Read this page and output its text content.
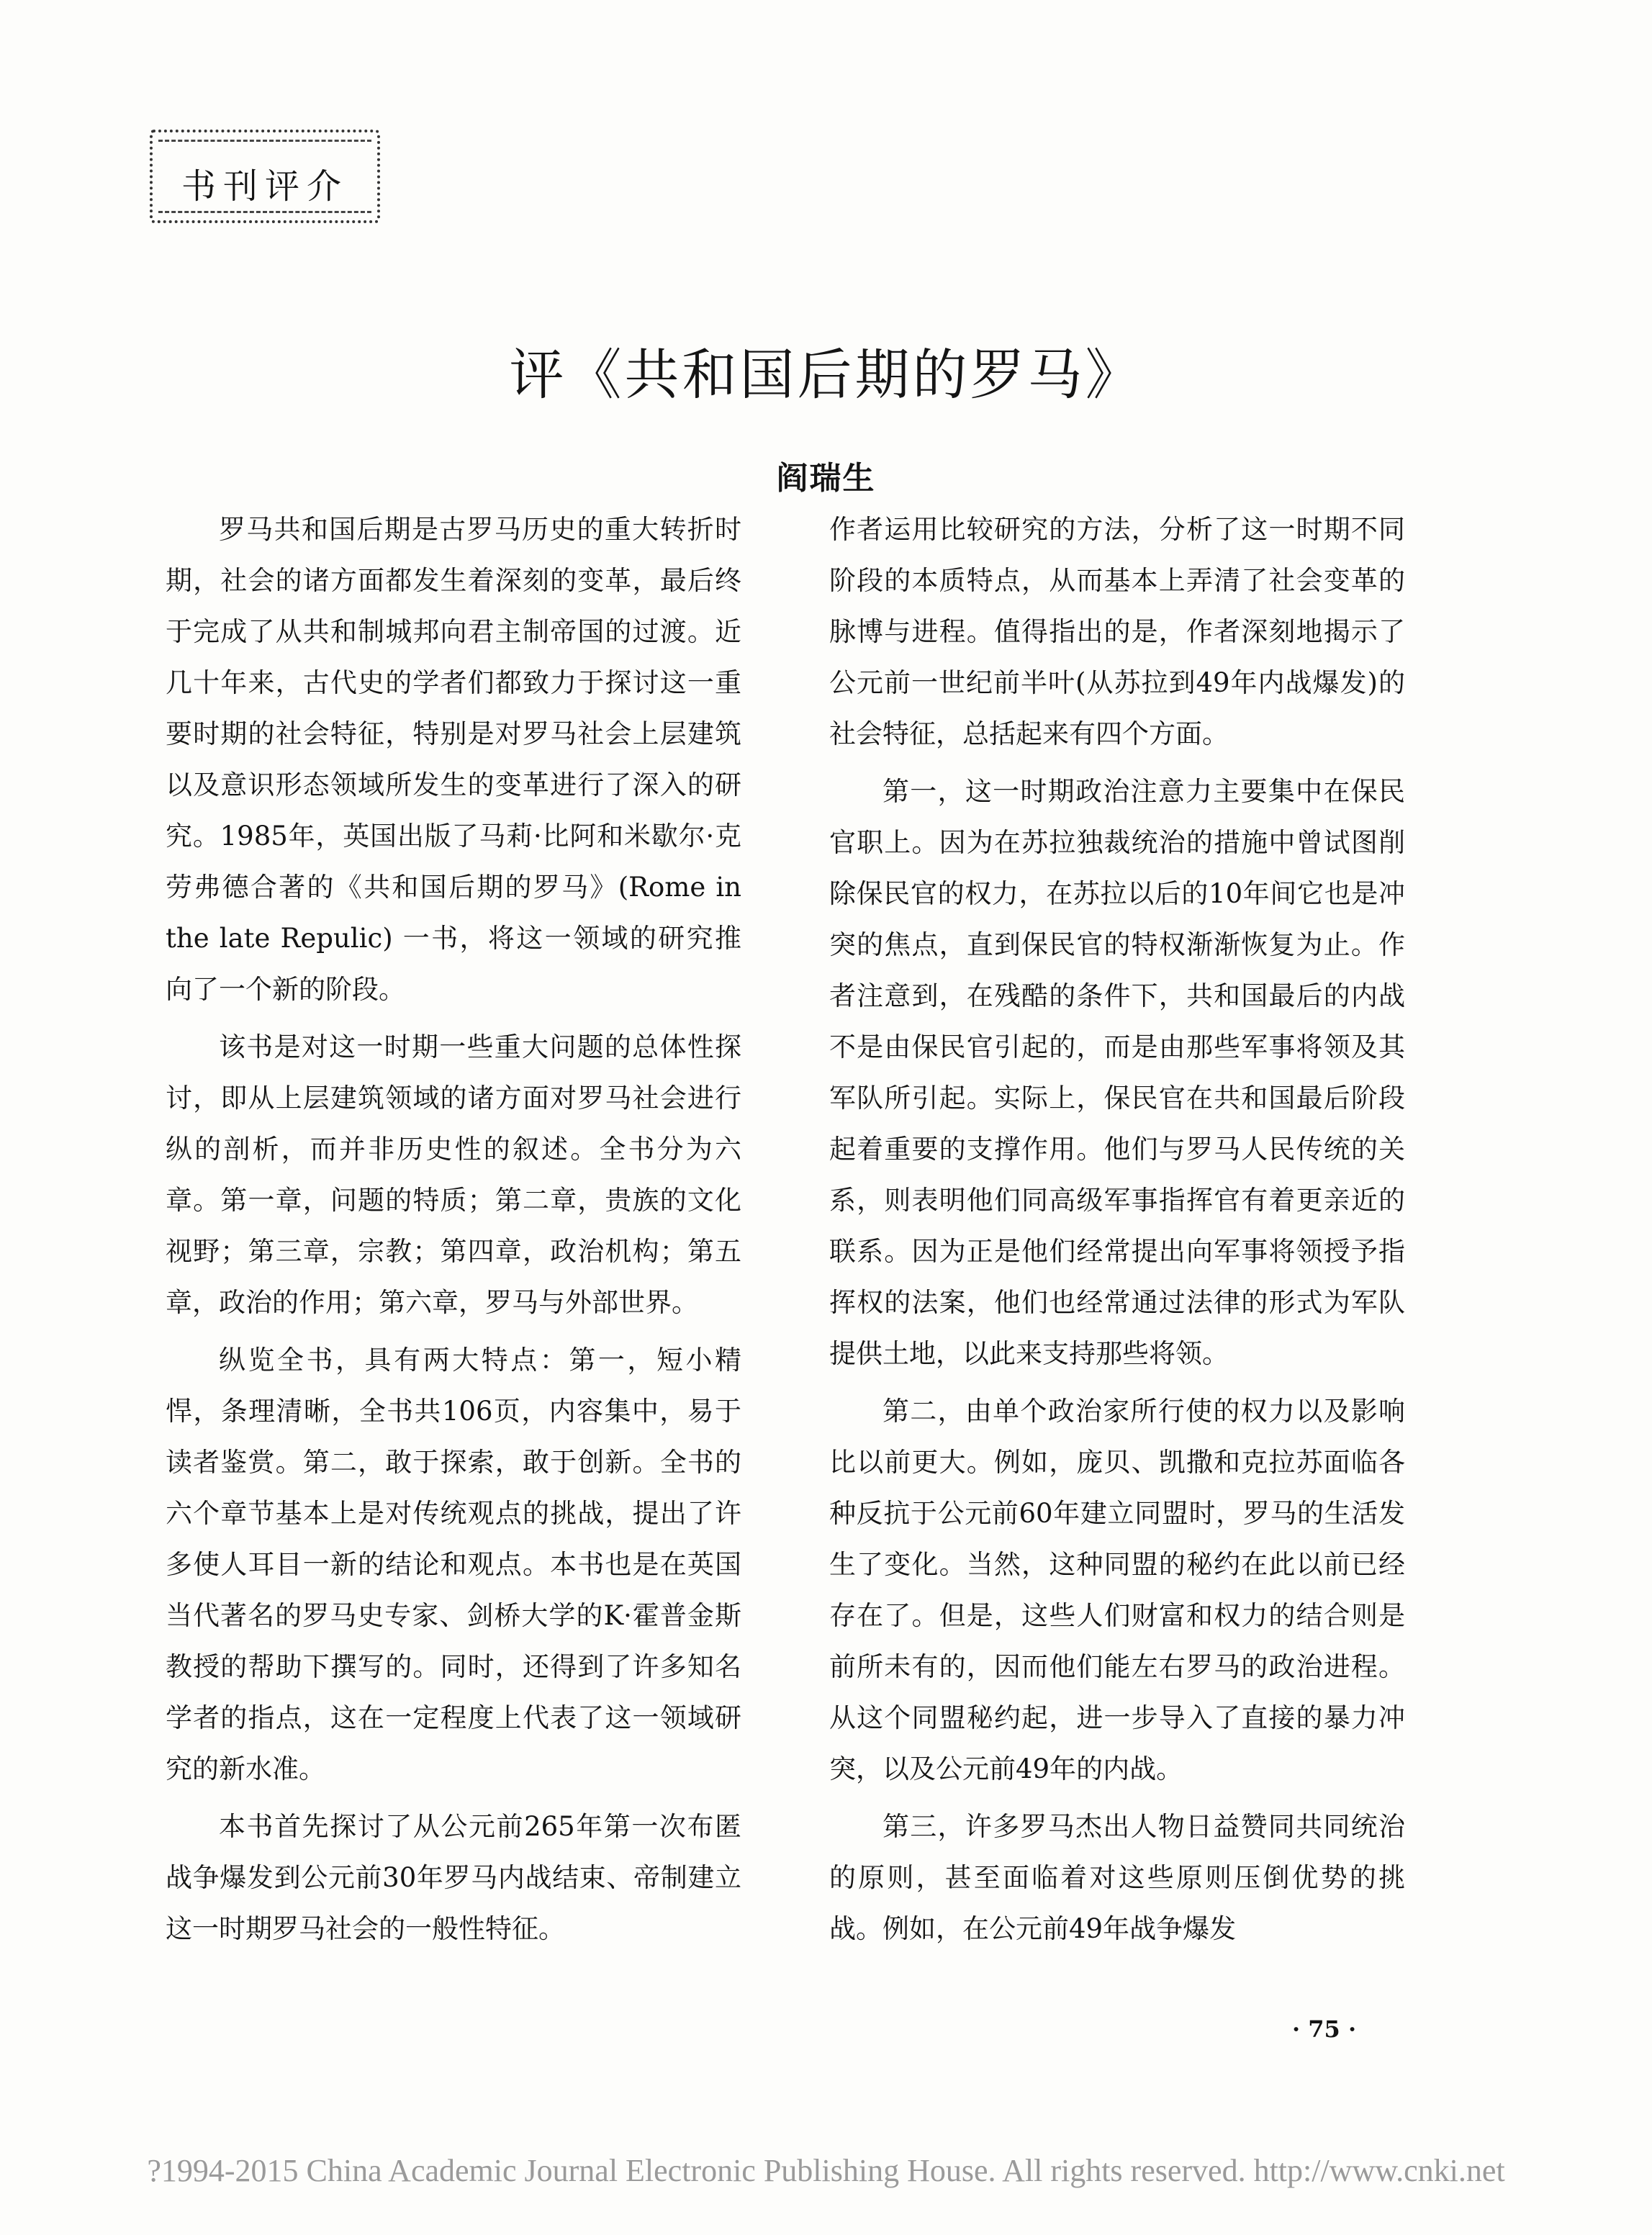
书刊评介
评《共和国后期的罗马》
阎瑞生

罗马共和国后期是古罗马历史的重大转折时期，社会的诸方面都发生着深刻的变革，最后终于完成了从共和制城邦向君主制帝国的过渡。近几十年来，古代史的学者们都致力于探讨这一重要时期的社会特征，特别是对罗马社会上层建筑以及意识形态领域所发生的变革进行了深入的研究。1985年，英国出版了马莉·比阿和米歇尔·克劳弗德合著的《共和国后期的罗马》(Rome in the late Repulic) 一书，将这一领域的研究推向了一个新的阶段。

该书是对这一时期一些重大问题的总体性探讨，即从上层建筑领域的诸方面对罗马社会进行纵的剖析，而并非历史性的叙述。全书分为六章。第一章，问题的特质；第二章，贵族的文化视野；第三章，宗教；第四章，政治机构；第五章，政治的作用；第六章，罗马与外部世界。

纵览全书，具有两大特点：第一，短小精悍，条理清晰，全书共106页，内容集中，易于读者鉴赏。第二，敢于探索，敢于创新。全书的六个章节基本上是对传统观点的挑战，提出了许多使人耳目一新的结论和观点。本书也是在英国当代著名的罗马史专家、剑桥大学的K·霍普金斯教授的帮助下撰写的。同时，还得到了许多知名学者的指点，这在一定程度上代表了这一领域研究的新水准。

本书首先探讨了从公元前265年第一次布匿战争爆发到公元前30年罗马内战结束、帝制建立这一时期罗马社会的一般性特征。

作者运用比较研究的方法，分析了这一时期不同阶段的本质特点，从而基本上弄清了社会变革的脉博与进程。值得指出的是，作者深刻地揭示了公元前一世纪前半叶(从苏拉到49年内战爆发)的社会特征，总括起来有四个方面。

第一，这一时期政治注意力主要集中在保民官职上。因为在苏拉独裁统治的措施中曾试图削除保民官的权力，在苏拉以后的10年间它也是冲突的焦点，直到保民官的特权渐渐恢复为止。作者注意到，在残酷的条件下，共和国最后的内战不是由保民官引起的，而是由那些军事将领及其军队所引起。实际上，保民官在共和国最后阶段起着重要的支撑作用。他们与罗马人民传统的关系，则表明他们同高级军事指挥官有着更亲近的联系。因为正是他们经常提出向军事将领授予指挥权的法案，他们也经常通过法律的形式为军队提供土地，以此来支持那些将领。

第二，由单个政治家所行使的权力以及影响比以前更大。例如，庞贝、凯撒和克拉苏面临各种反抗于公元前60年建立同盟时，罗马的生活发生了变化。当然，这种同盟的秘约在此以前已经存在了。但是，这些人们财富和权力的结合则是前所未有的，因而他们能左右罗马的政治进程。从这个同盟秘约起，进一步导入了直接的暴力冲突，以及公元前49年的内战。

第三，许多罗马杰出人物日益赞同共同统治的原则，甚至面临着对这些原则压倒优势的挑战。例如，在公元前49年战争爆发

· 75 ·
?1994-2015 China Academic Journal Electronic Publishing House. All rights reserved. http://www.cnki.net
